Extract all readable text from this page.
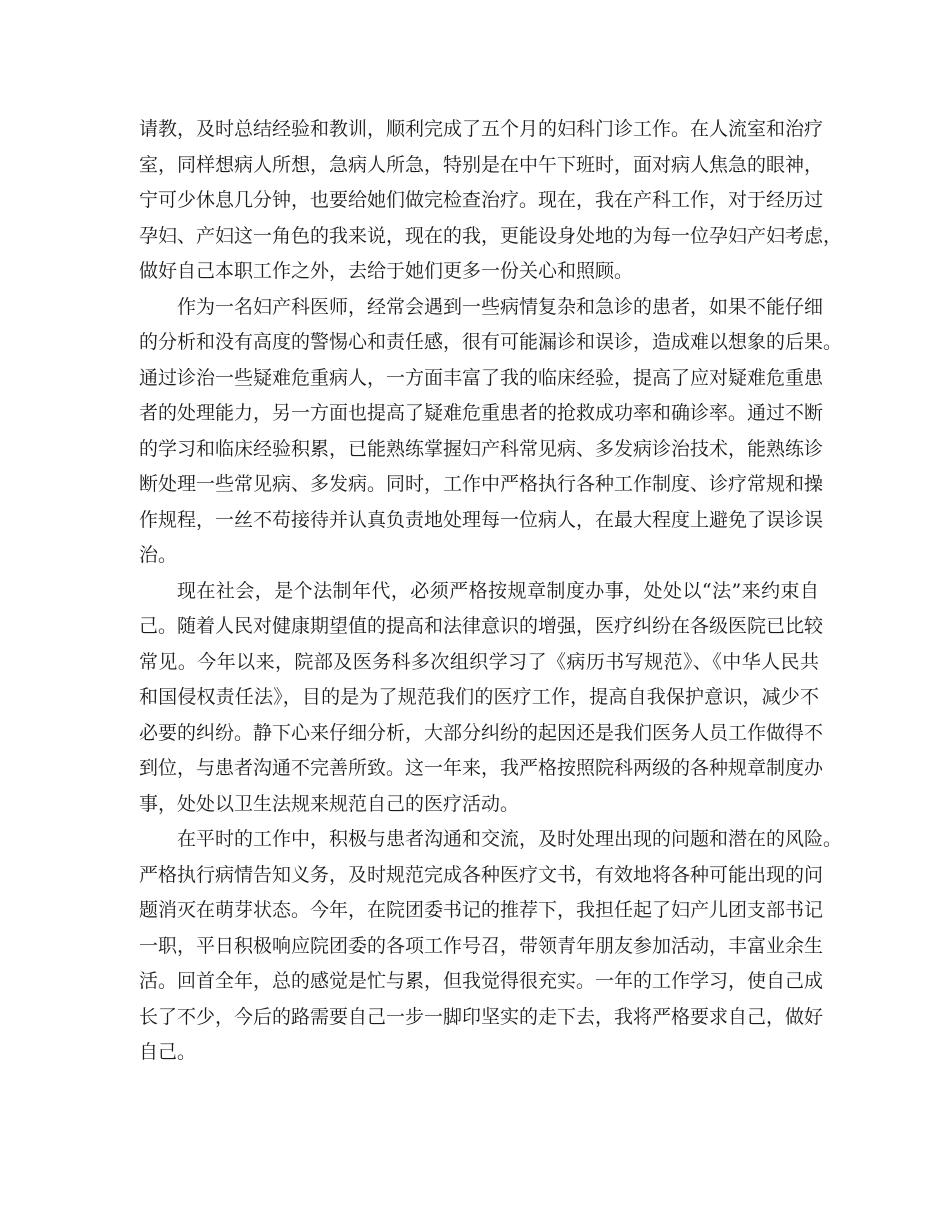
请教，及时总结经验和教训，顺利完成了五个月的妇科门诊工作。在人流室和治疗
室，同样想病人所想，急病人所急，特别是在中午下班时，面对病人焦急的眼神，
宁可少休息几分钟，也要给她们做完检查治疗。现在，我在产科工作，对于经历过
孕妇、产妇这一角色的我来说，现在的我，更能设身处地的为每一位孕妇产妇考虑，
做好自己本职工作之外，去给于她们更多一份关心和照顾。
作为一名妇产科医师，经常会遇到一些病情复杂和急诊的患者，如果不能仔细
的分析和没有高度的警惕心和责任感，很有可能漏诊和误诊，造成难以想象的后果。
通过诊治一些疑难危重病人，一方面丰富了我的临床经验，提高了应对疑难危重患
者的处理能力，另一方面也提高了疑难危重患者的抢救成功率和确诊率。通过不断
的学习和临床经验积累，已能熟练掌握妇产科常见病、多发病诊治技术，能熟练诊
断处理一些常见病、多发病。同时，工作中严格执行各种工作制度、诊疗常规和操
作规程，一丝不苟接待并认真负责地处理每一位病人，在最大程度上避免了误诊误
治。
现在社会，是个法制年代，必须严格按规章制度办事，处处以“法”来约束自
己。随着人民对健康期望值的提高和法律意识的增强，医疗纠纷在各级医院已比较
常见。今年以来，院部及医务科多次组织学习了《病历书写规范》、《中华人民共
和国侵权责任法》，目的是为了规范我们的医疗工作，提高自我保护意识，减少不
必要的纠纷。静下心来仔细分析，大部分纠纷的起因还是我们医务人员工作做得不
到位，与患者沟通不完善所致。这一年来，我严格按照院科两级的各种规章制度办
事，处处以卫生法规来规范自己的医疗活动。
在平时的工作中，积极与患者沟通和交流，及时处理出现的问题和潜在的风险。
严格执行病情告知义务，及时规范完成各种医疗文书，有效地将各种可能出现的问
题消灭在萌芽状态。今年，在院团委书记的推荐下，我担任起了妇产儿团支部书记
一职，平日积极响应院团委的各项工作号召，带领青年朋友参加活动，丰富业余生
活。回首全年，总的感觉是忙与累，但我觉得很充实。一年的工作学习，使自己成
长了不少，今后的路需要自己一步一脚印坚实的走下去，我将严格要求自己，做好
自己。
